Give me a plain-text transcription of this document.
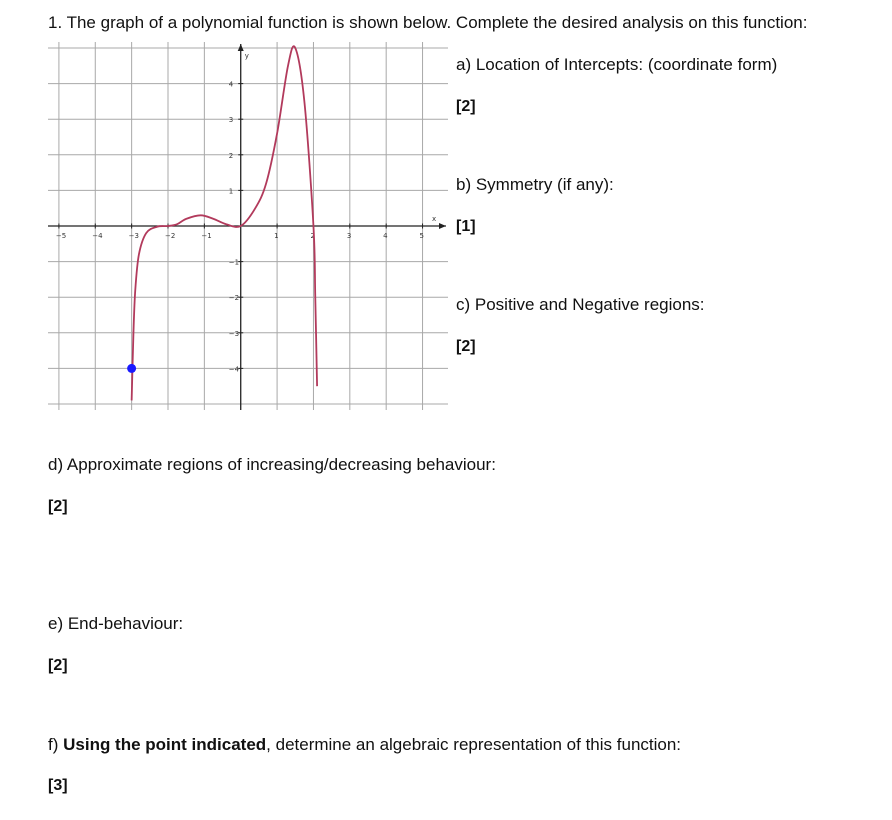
1. The graph of a polynomial function is shown below. Complete the desired analysis on this function:
x
y
−5	−4	−3	−2	−1	1	2	3	4	5
−4
−3
−2
−1
1
2
3
4
a) Location of Intercepts: (coordinate form)
[2]
b) Symmetry (if any):
[1]
c) Positive and Negative regions:
[2]
d) Approximate regions of increasing/decreasing behaviour:
[2]
e) End-behaviour:
[2]
f) Using the point indicated, determine an algebraic representation of this function:
[3]
